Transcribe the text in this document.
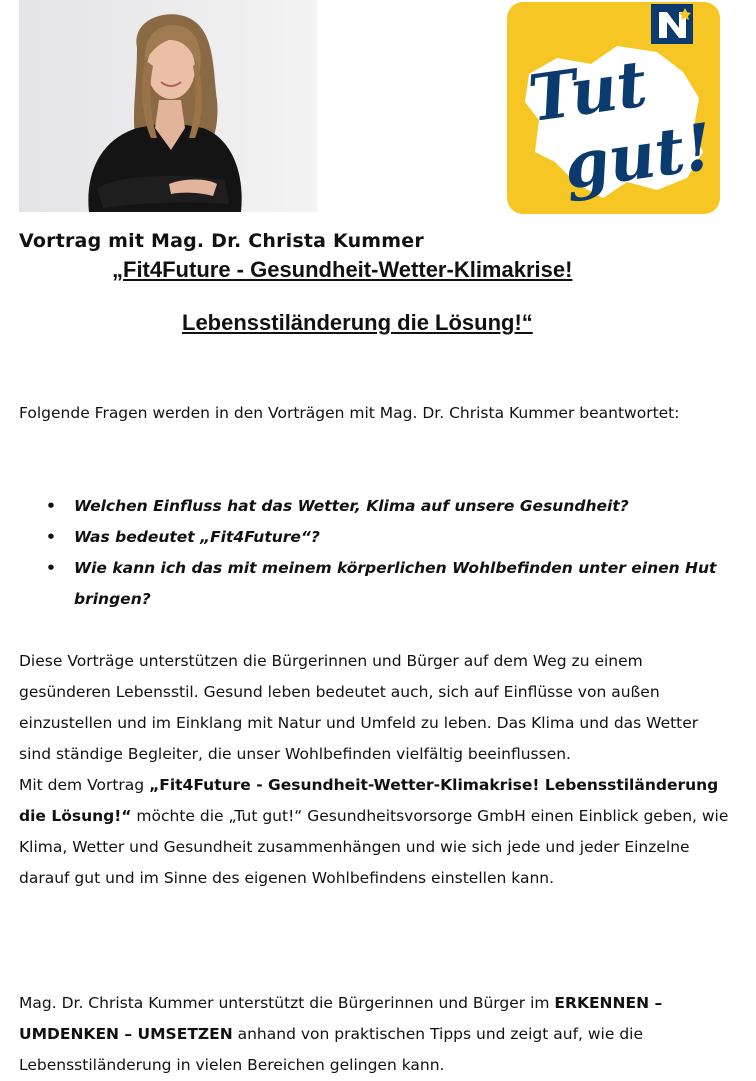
Tut
gut!
Vortrag mit Mag. Dr. Christa Kummer
„Fit4Future - Gesundheit-Wetter-Klimakrise!
Lebensstiländerung die Lösung!“
Folgende Fragen werden in den Vorträgen mit Mag. Dr. Christa Kummer beantwortet:
• Welchen Einfluss hat das Wetter, Klima auf unsere Gesundheit?
• Was bedeutet „Fit4Future“?
• Wie kann ich das mit meinem körperlichen Wohlbefinden unter einen Hut bringen?
Diese Vorträge unterstützen die Bürgerinnen und Bürger auf dem Weg zu einem gesünderen Lebensstil. Gesund leben bedeutet auch, sich auf Einflüsse von außen einzustellen und im Einklang mit Natur und Umfeld zu leben. Das Klima und das Wetter sind ständige Begleiter, die unser Wohlbefinden vielfältig beeinflussen.
Mit dem Vortrag „Fit4Future - Gesundheit-Wetter-Klimakrise! Lebensstiländerung die Lösung!“ möchte die „Tut gut!“ Gesundheitsvorsorge GmbH einen Einblick geben, wie Klima, Wetter und Gesundheit zusammenhängen und wie sich jede und jeder Einzelne darauf gut und im Sinne des eigenen Wohlbefindens einstellen kann.
Mag. Dr. Christa Kummer unterstützt die Bürgerinnen und Bürger im ERKENNEN – UMDENKEN – UMSETZEN anhand von praktischen Tipps und zeigt auf, wie die Lebensstiländerung in vielen Bereichen gelingen kann.
